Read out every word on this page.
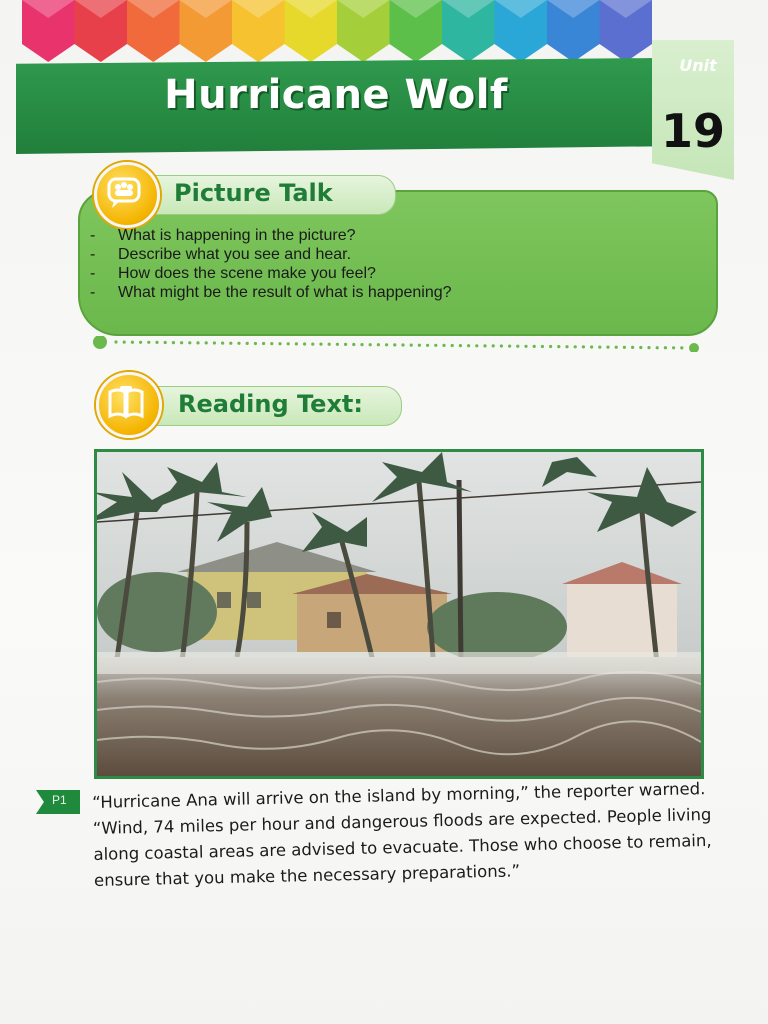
Hurricane Wolf
Unit
19
Picture Talk
- What is happening in the picture?
- Describe what you see and hear.
- How does the scene make you feel?
- What might be the result of what is happening?
Reading Text:
P1 “Hurricane Ana will arrive on the island by morning,” the reporter warned. “Wind, 74 miles per hour and dangerous floods are expected. People living along coastal areas are advised to evacuate. Those who choose to remain, ensure that you make the necessary preparations.”
